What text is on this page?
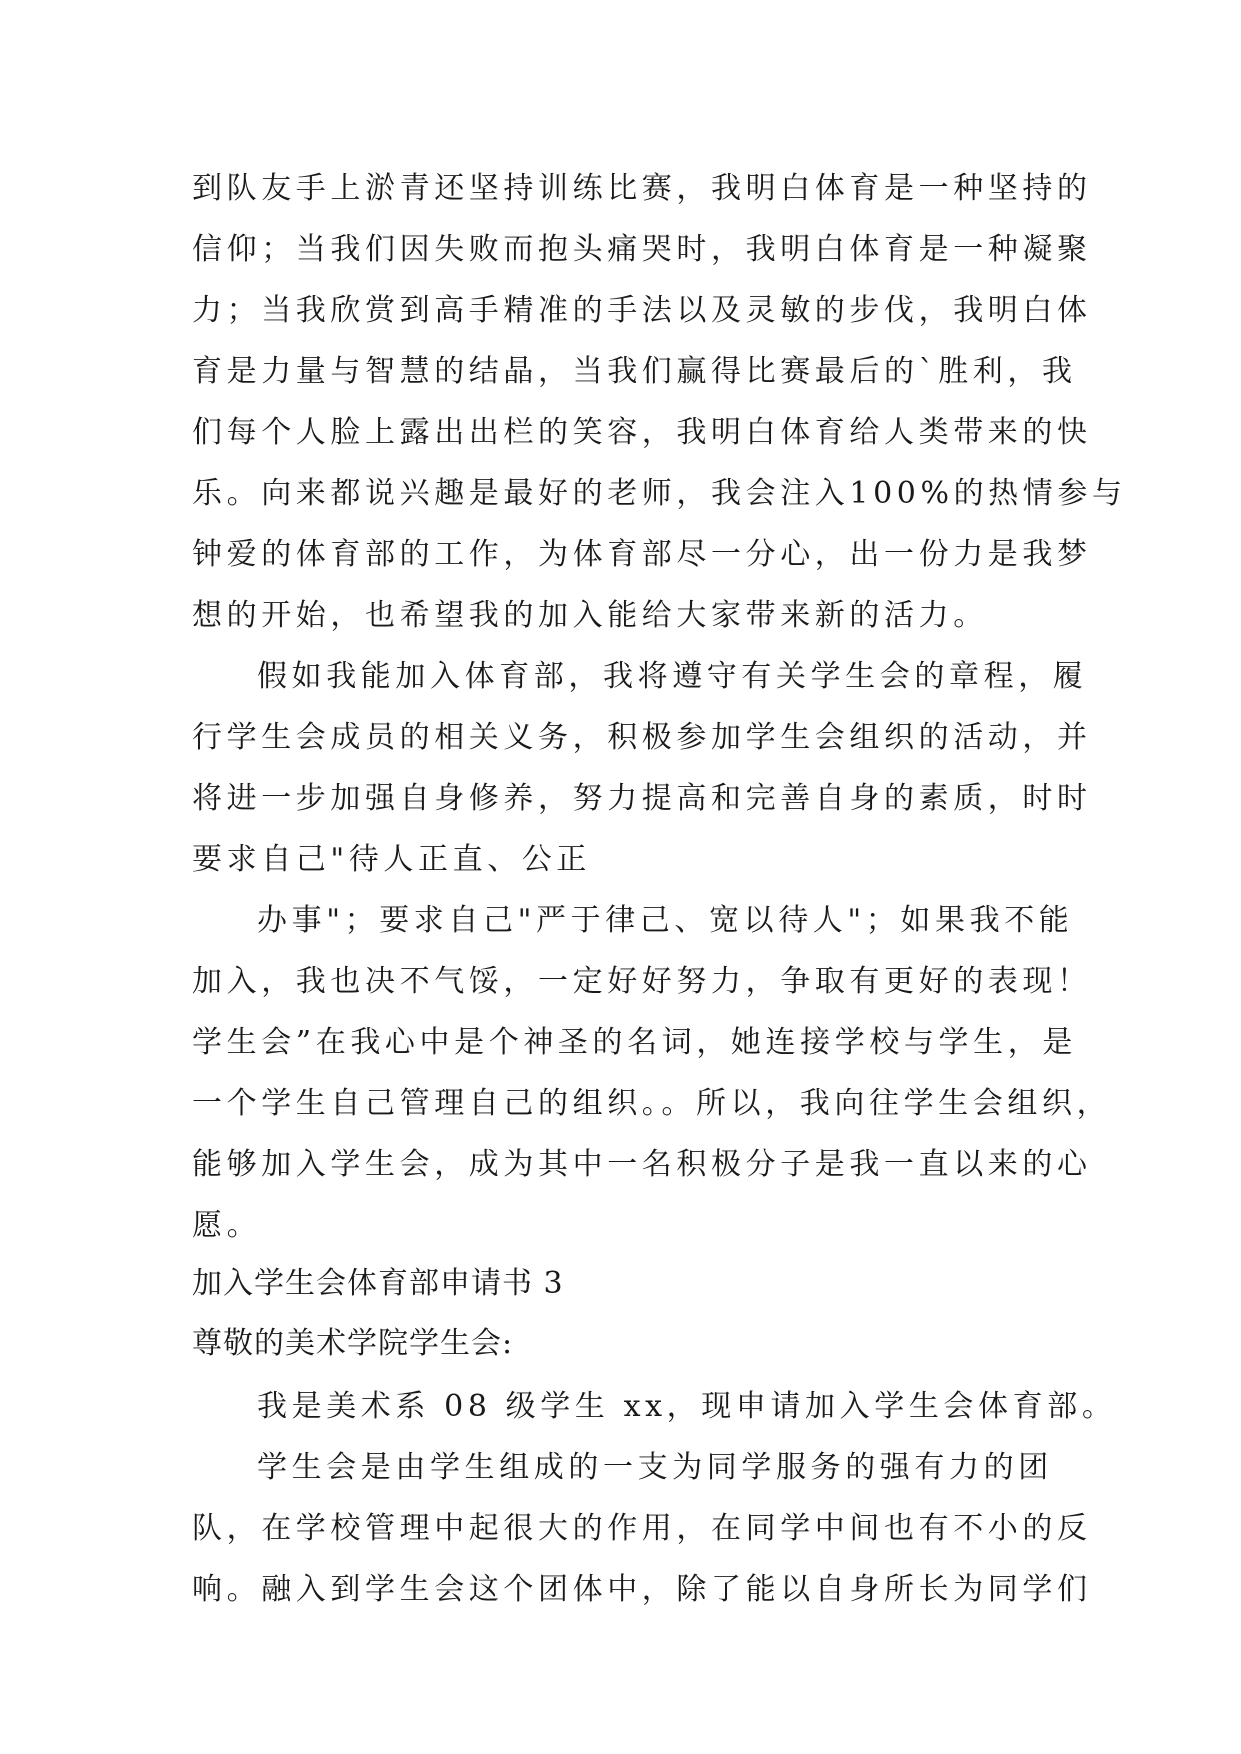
到队友手上淤青还坚持训练比赛，我明白体育是一种坚持的
信仰；当我们因失败而抱头痛哭时，我明白体育是一种凝聚
力；当我欣赏到高手精准的手法以及灵敏的步伐，我明白体
育是力量与智慧的结晶，当我们赢得比赛最后的`胜利，我
们每个人脸上露出出栏的笑容，我明白体育给人类带来的快
乐。向来都说兴趣是最好的老师，我会注入100%的热情参与
钟爱的体育部的工作，为体育部尽一分心，出一份力是我梦
想的开始，也希望我的加入能给大家带来新的活力。

假如我能加入体育部，我将遵守有关学生会的章程，履
行学生会成员的相关义务，积极参加学生会组织的活动，并
将进一步加强自身修养，努力提高和完善自身的素质，时时
要求自己"待人正直、公正

办事"；要求自己"严于律己、宽以待人"；如果我不能
加入，我也决不气馁，一定好好努力，争取有更好的表现！
学生会”在我心中是个神圣的名词，她连接学校与学生，是
一个学生自己管理自己的组织。。所以，我向往学生会组织，
能够加入学生会，成为其中一名积极分子是我一直以来的心
愿。

加入学生会体育部申请书 3

尊敬的美术学院学生会:

我是美术系 08 级学生 xx，现申请加入学生会体育部。

学生会是由学生组成的一支为同学服务的强有力的团
队，在学校管理中起很大的作用，在同学中间也有不小的反
响。融入到学生会这个团体中，除了能以自身所长为同学们
